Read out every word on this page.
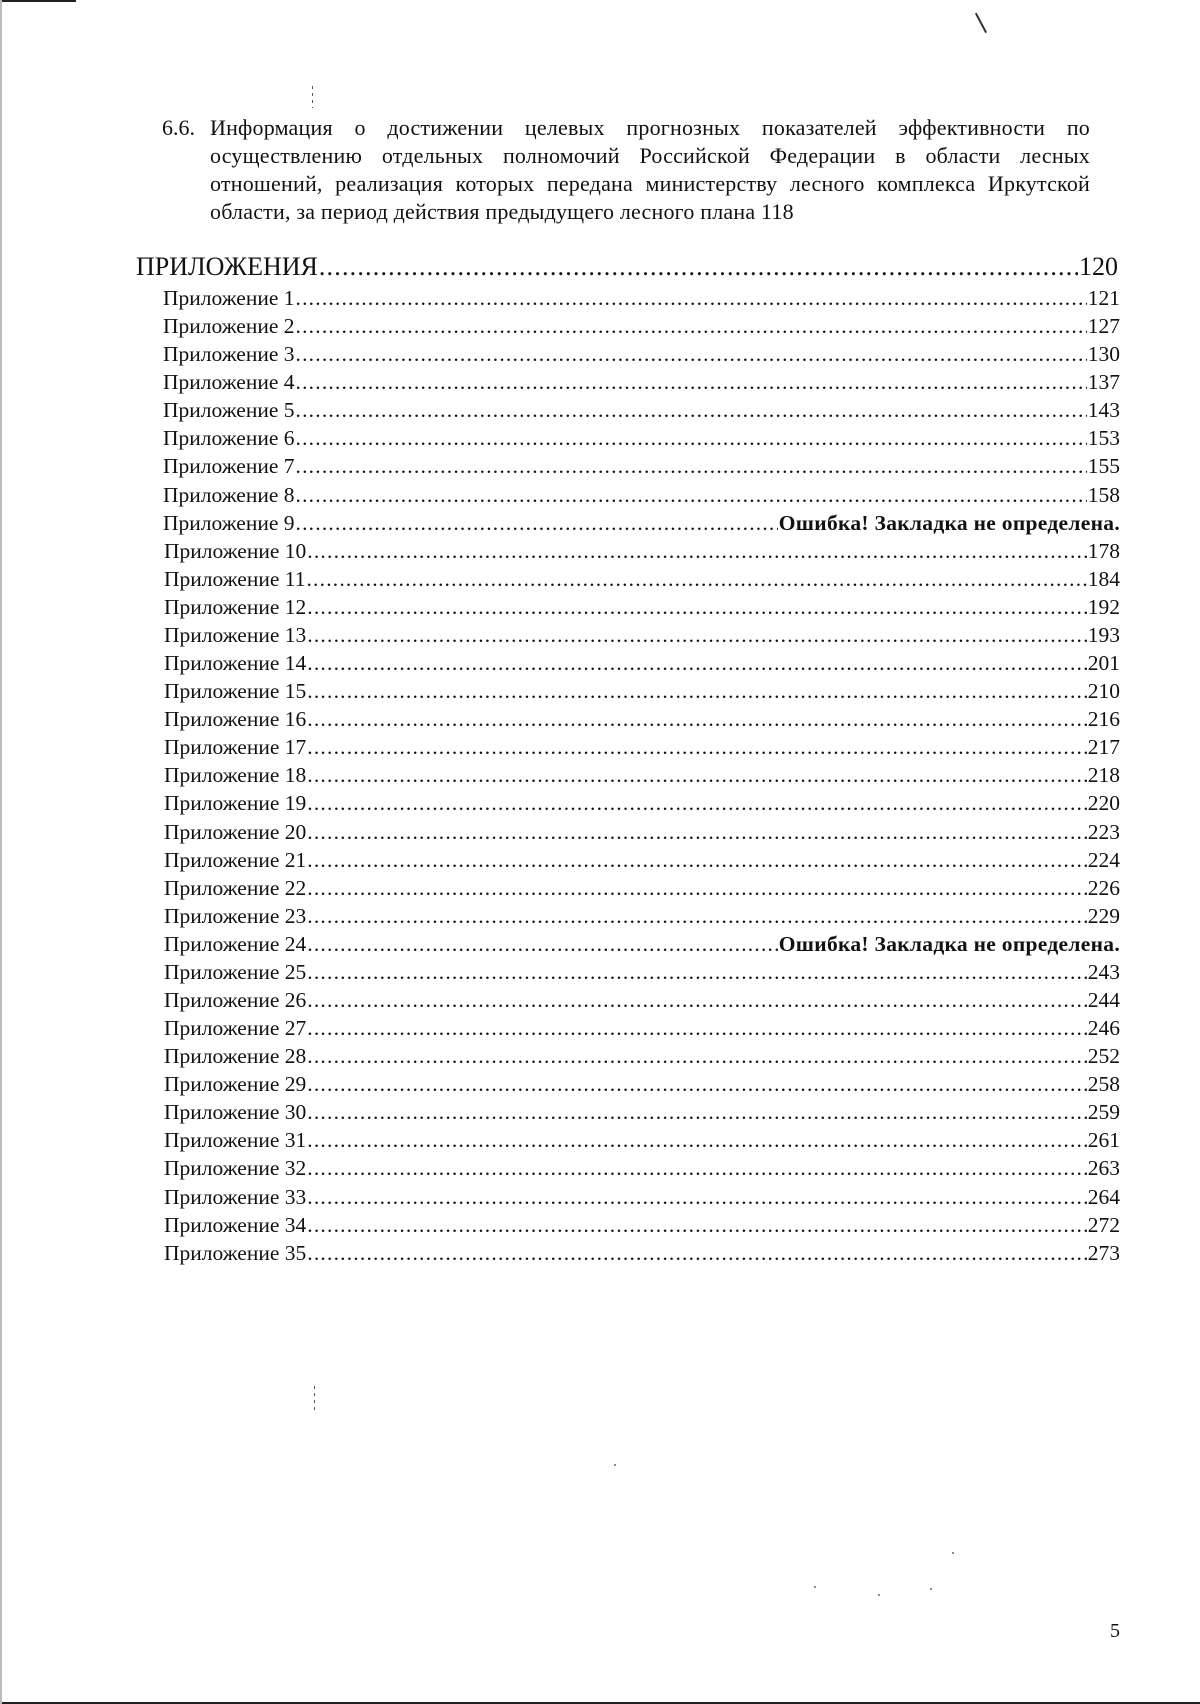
6.6. Информация о достижении целевых прогнозных показателей эффективности по осуществлению отдельных полномочий Российской Федерации в области лесных отношений, реализация которых передана министерству лесного комплекса Иркутской области, за период действия предыдущего лесного плана 118
ПРИЛОЖЕНИЯ .....	120
Приложение 1 .....	121
Приложение 2 .....	127
Приложение 3 .....	130
Приложение 4 .....	137
Приложение 5 .....	143
Приложение 6 .....	153
Приложение 7 .....	155
Приложение 8 .....	158
Приложение 9 .....	Ошибка! Закладка не определена.
Приложение 10 .....	178
Приложение 11 .....	184
Приложение 12 .....	192
Приложение 13 .....	193
Приложение 14 .....	201
Приложение 15 .....	210
Приложение 16 .....	216
Приложение 17 .....	217
Приложение 18 .....	218
Приложение 19 .....	220
Приложение 20 .....	223
Приложение 21 .....	224
Приложение 22 .....	226
Приложение 23 .....	229
Приложение 24 .....	Ошибка! Закладка не определена.
Приложение 25 .....	243
Приложение 26 .....	244
Приложение 27 .....	246
Приложение 28 .....	252
Приложение 29 .....	258
Приложение 30 .....	259
Приложение 31 .....	261
Приложение 32 .....	263
Приложение 33 .....	264
Приложение 34 .....	272
Приложение 35 .....	273
5
